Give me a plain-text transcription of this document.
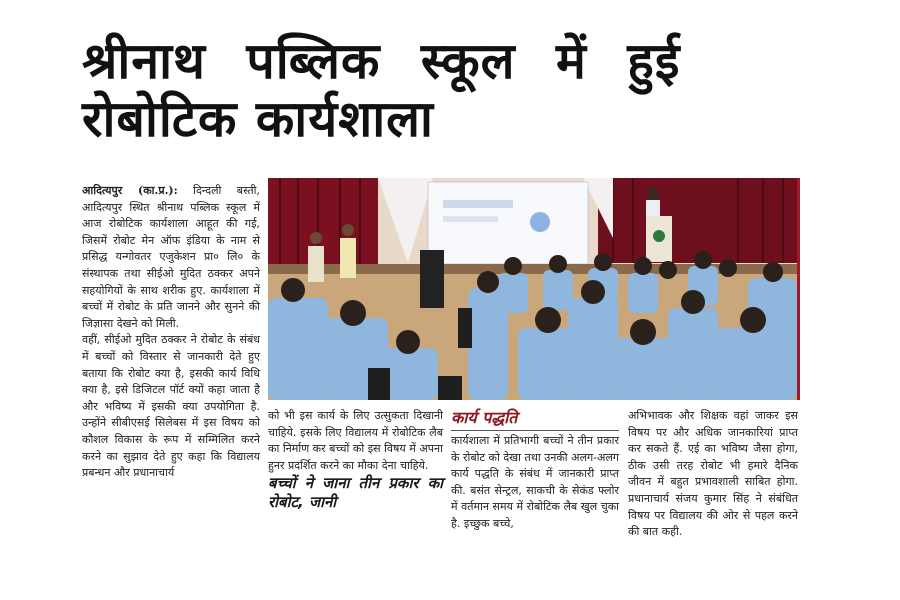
श्रीनाथ पब्लिक स्कूल में हुई
रोबोटिक कार्यशाला

आदित्यपुर (का.प्र.): दिन्दली बस्ती, आदित्यपुर स्थित श्रीनाथ पब्लिक स्कूल में आज रोबोटिक कार्यशाला आहूत की गई, जिसमें रोबोट मेन ऑफ इंडिया के नाम से प्रसिद्ध यन्गोवतर एजुकेशन प्रा० लि० के संस्थापक तथा सीईओ मुदित ठक्कर अपने सहयोगियों के साथ शरीक हुए. कार्यशाला में बच्चों में रोबोट के प्रति जानने और सुनने की जिज्ञासा देखने को मिली.

वहीं, सीईओ मुदित ठक्कर ने रोबोट के संबंध में बच्चों को विस्तार से जानकारी देते हुए बताया कि रोबोट क्या है, इसकी कार्य विधि क्या है, इसे डिजिटल पॉर्ट क्यों कहा जाता है और भविष्य में इसकी क्या उपयोगिता है. उन्होंने सीबीएसई सिलेबस में इस विषय को कौशल विकास के रूप में सम्मिलित करने करने का सुझाव देते हुए कहा कि विद्यालय प्रबन्धन और प्रधानाचार्य

को भी इस कार्य के लिए उत्सुकता दिखानी चाहिये. इसके लिए विद्यालय में रोबोटिक लैब का निर्माण कर बच्चों को इस विषय में अपना हुनर प्रदर्शित करने का मौका देना चाहिये.

बच्चों ने जाना तीन प्रकार का रोबोट, जानी

कार्य पद्धति

कार्यशाला में प्रतिभागी बच्चों ने तीन प्रकार के रोबोट को देखा तथा उनकी अलग-अलग कार्य पद्धति के संबंध में जानकारी प्राप्त की. बसंत सेन्ट्रल, साकची के सेकंड फ्लोर में वर्तमान समय में रोबोटिक लैब खुल चुका है. इच्छुक बच्चे,

अभिभावक और शिक्षक वहां जाकर इस विषय पर और अधिक जानकारियां प्राप्त कर सकते हैं. एई का भविष्य जैसा होगा, ठीक उसी तरह रोबोट भी हमारे दैनिक जीवन में बहुत प्रभावशाली साबित होगा. प्रधानाचार्य संजय कुमार सिंह ने संबंधित विषय पर विद्यालय की ओर से पहल करने की बात कही.
